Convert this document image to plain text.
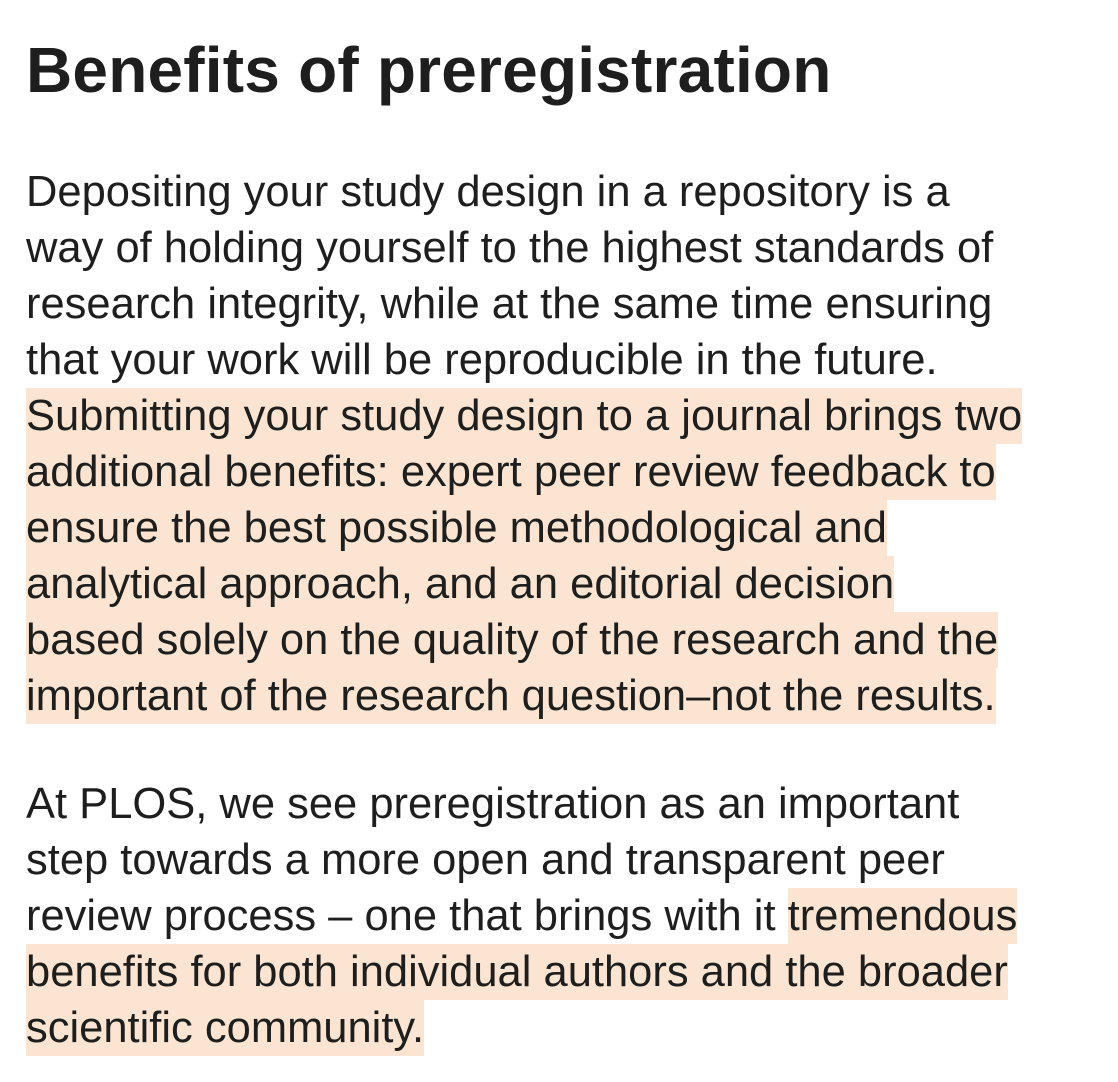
Benefits of preregistration
Depositing your study design in a repository is a
way of holding yourself to the highest standards of
research integrity, while at the same time ensuring
that your work will be reproducible in the future.
Submitting your study design to a journal brings two
additional benefits: expert peer review feedback to
ensure the best possible methodological and
analytical approach, and an editorial decision
based solely on the quality of the research and the
important of the research question–not the results.
At PLOS, we see preregistration as an important
step towards a more open and transparent peer
review process – one that brings with it tremendous
benefits for both individual authors and the broader
scientific community.
